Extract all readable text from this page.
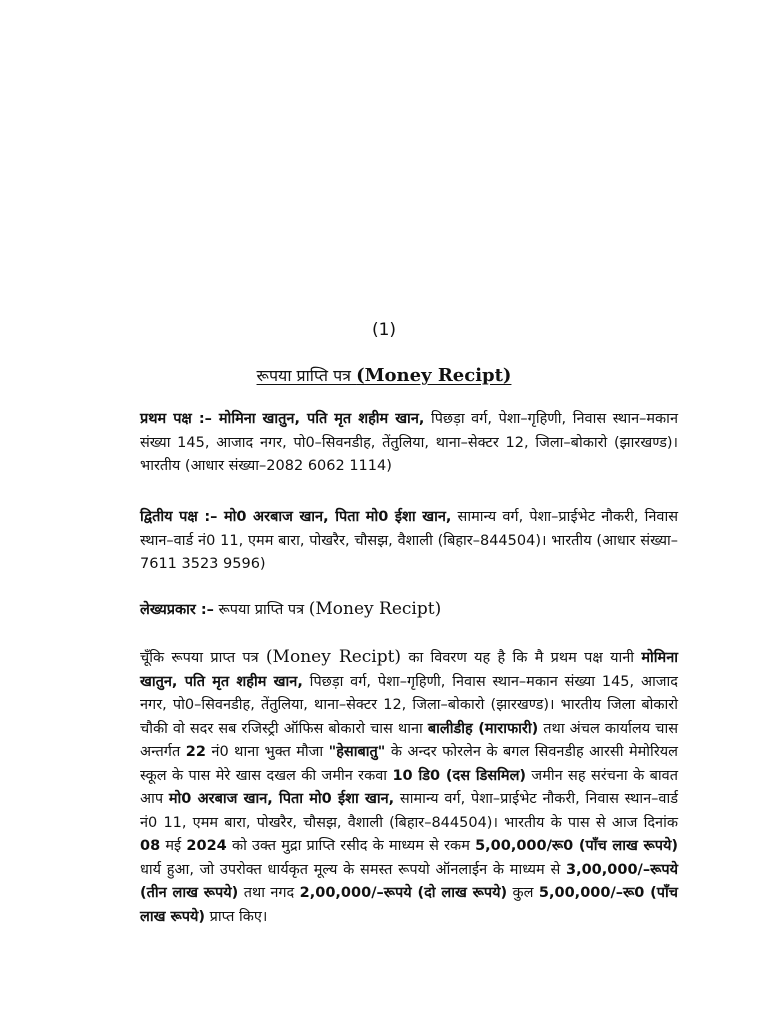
(1)
रूपया प्राप्ति पत्र (Money Recipt)

प्रथम पक्ष :– मोमिना खातुन, पति मृत शहीम खान, पिछड़ा वर्ग, पेशा–गृहिणी, निवास स्थान–मकान संख्या 145, आजाद नगर, पो0–सिवनडीह, तेंतुलिया, थाना–सेक्टर 12, जिला–बोकारो (झारखण्ड)। भारतीय (आधार संख्या–2082 6062 1114)

द्वितीय पक्ष :– मो0 अरबाज खान, पिता मो0 ईशा खान, सामान्य वर्ग, पेशा–प्राईभेट नौकरी, निवास स्थान–वार्ड नं0 11, एमम बारा, पोखरैर, चौसझ, वैशाली (बिहार–844504)। भारतीय (आधार संख्या–7611 3523 9596)

लेख्यप्रकार :– रूपया प्राप्ति पत्र (Money Recipt)

चूँकि रूपया प्राप्त पत्र (Money Recipt) का विवरण यह है कि मै प्रथम पक्ष यानी मोमिना खातुन, पति मृत शहीम खान, पिछड़ा वर्ग, पेशा–गृहिणी, निवास स्थान–मकान संख्या 145, आजाद नगर, पो0–सिवनडीह, तेंतुलिया, थाना–सेक्टर 12, जिला–बोकारो (झारखण्ड)। भारतीय जिला बोकारो चौकी वो सदर सब रजिस्ट्री ऑफिस बोकारो चास थाना बालीडीह (माराफारी) तथा अंचल कार्यालय चास अन्तर्गत 22 नं0 थाना भुक्त मौजा "हेसाबातु" के अन्दर फोरलेन के बगल सिवनडीह आरसी मेमोरियल स्कूल के पास मेरे खास दखल की जमीन रकवा 10 डि0 (दस डिसमिल) जमीन सह सरंचना के बावत आप मो0 अरबाज खान, पिता मो0 ईशा खान, सामान्य वर्ग, पेशा–प्राईभेट नौकरी, निवास स्थान–वार्ड नं0 11, एमम बारा, पोखरैर, चौसझ, वैशाली (बिहार–844504)। भारतीय के पास से आज दिनांक 08 मई 2024 को उक्त मुद्रा प्राप्ति रसीद के माध्यम से रकम 5,00,000/रू0 (पाँच लाख रूपये) धार्य हुआ, जो उपरोक्त धार्यकृत मूल्य के समस्त रूपयो ऑनलाईन के माध्यम से 3,00,000/–रूपये (तीन लाख रूपये) तथा नगद 2,00,000/–रूपये (दो लाख रूपये) कुल 5,00,000/–रू0 (पाँच लाख रूपये) प्राप्त किए।
